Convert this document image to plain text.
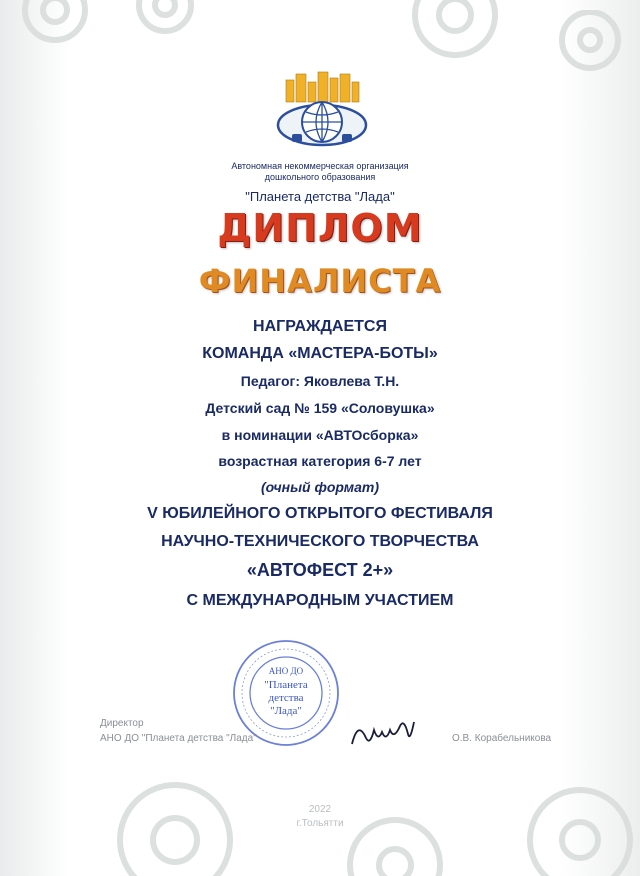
Автономная некоммерческая организация
дошкольного образования
"Планета детства "Лада"
ДИПЛОМ
ФИНАЛИСТА
НАГРАЖДАЕТСЯ
КОМАНДА «МАСТЕРА-БОТЫ»
Педагог: Яковлева Т.Н.
Детский сад № 159 «Соловушка»
в номинации «АВТОсборка»
возрастная категория 6-7 лет
(очный формат)
V ЮБИЛЕЙНОГО ОТКРЫТОГО ФЕСТИВАЛЯ
НАУЧНО-ТЕХНИЧЕСКОГО ТВОРЧЕСТВА
«АВТОФЕСТ 2+»
С МЕЖДУНАРОДНЫМ УЧАСТИЕМ
АНО ДО
"Планета
детства
"Лада"
Директор
АНО ДО "Планета детства "Лада"	О.В. Корабельникова
2022
г.Тольятти
